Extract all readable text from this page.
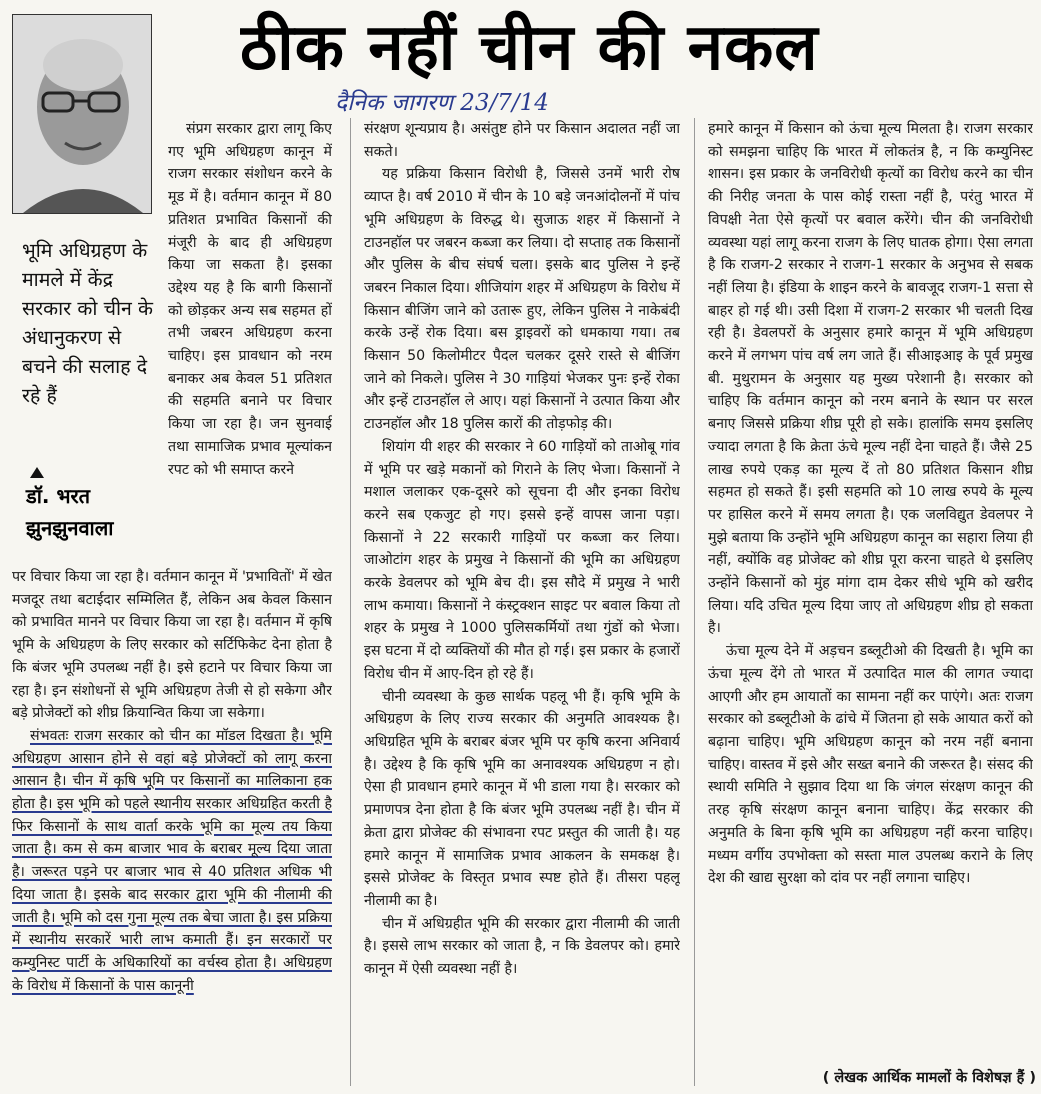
ठीक नहीं चीन की नकल
दैनिक जागरण 23/7/14
भूमि अधिग्रहण के मामले में केंद्र सरकार को चीन के अंधानुकरण से बचने की सलाह दे रहे हैं
डॉ. भरत झुनझुनवाला

संप्रग सरकार द्वारा लागू किए गए भूमि अधिग्रहण कानून में राजग सरकार संशोधन करने के मूड में है। वर्तमान कानून में 80 प्रतिशत प्रभावित किसानों की मंजूरी के बाद ही अधिग्रहण किया जा सकता है। इसका उद्देश्य यह है कि बागी किसानों को छोड़कर अन्य सब सहमत हों तभी जबरन अधिग्रहण करना चाहिए। इस प्रावधान को नरम बनाकर अब केवल 51 प्रतिशत की सहमति बनाने पर विचार किया जा रहा है। जन सुनवाई तथा सामाजिक प्रभाव मूल्यांकन रपट को भी समाप्त करने

पर विचार किया जा रहा है। वर्तमान कानून में 'प्रभावितों' में खेत मजदूर तथा बटाईदार सम्मिलित हैं, लेकिन अब केवल किसान को प्रभावित मानने पर विचार किया जा रहा है। वर्तमान में कृषि भूमि के अधिग्रहण के लिए सरकार को सर्टिफिकेट देना होता है कि बंजर भूमि उपलब्ध नहीं है। इसे हटाने पर विचार किया जा रहा है। इन संशोधनों से भूमि अधिग्रहण तेजी से हो सकेगा और बड़े प्रोजेक्टों को शीघ्र क्रियान्वित किया जा सकेगा।

संभवतः राजग सरकार को चीन का मॉडल दिखता है। भूमि अधिग्रहण आसान होने से वहां बड़े प्रोजेक्टों को लागू करना आसान है। चीन में कृषि भूमि पर किसानों का मालिकाना हक होता है। इस भूमि को पहले स्थानीय सरकार अधिग्रहित करती है फिर किसानों के साथ वार्ता करके भूमि का मूल्य तय किया जाता है। कम से कम बाजार भाव के बराबर मूल्य दिया जाता है। जरूरत पड़ने पर बाजार भाव से 40 प्रतिशत अधिक भी दिया जाता है। इसके बाद सरकार द्वारा भूमि की नीलामी की जाती है। भूमि को दस गुना मूल्य तक बेचा जाता है। इस प्रक्रिया में स्थानीय सरकारें भारी लाभ कमाती हैं। इन सरकारों पर कम्युनिस्ट पार्टी के अधिकारियों का वर्चस्व होता है। अधिग्रहण के विरोध में किसानों के पास कानूनी

संरक्षण शून्यप्राय है। असंतुष्ट होने पर किसान अदालत नहीं जा सकते।

यह प्रक्रिया किसान विरोधी है, जिससे उनमें भारी रोष व्याप्त है। वर्ष 2010 में चीन के 10 बड़े जनआंदोलनों में पांच भूमि अधिग्रहण के विरुद्ध थे। सुजाऊ शहर में किसानों ने टाउनहॉल पर जबरन कब्जा कर लिया। दो सप्ताह तक किसानों और पुलिस के बीच संघर्ष चला। इसके बाद पुलिस ने इन्हें जबरन निकाल दिया। शीजियांग शहर में अधिग्रहण के विरोध में किसान बीजिंग जाने को उतारू हुए, लेकिन पुलिस ने नाकेबंदी करके उन्हें रोक दिया। बस ड्राइवरों को धमकाया गया। तब किसान 50 किलोमीटर पैदल चलकर दूसरे रास्ते से बीजिंग जाने को निकले। पुलिस ने 30 गाड़ियां भेजकर पुनः इन्हें रोका और इन्हें टाउनहॉल ले आए। यहां किसानों ने उत्पात किया और टाउनहॉल और 18 पुलिस कारों की तोड़फोड़ की।

शियांग यी शहर की सरकार ने 60 गाड़ियों को ताओबू गांव में भूमि पर खड़े मकानों को गिराने के लिए भेजा। किसानों ने मशाल जलाकर एक-दूसरे को सूचना दी और इनका विरोध करने सब एकजुट हो गए। इससे इन्हें वापस जाना पड़ा। किसानों ने 22 सरकारी गाड़ियों पर कब्जा कर लिया। जाओटांग शहर के प्रमुख ने किसानों की भूमि का अधिग्रहण करके डेवलपर को भूमि बेच दी। इस सौदे में प्रमुख ने भारी लाभ कमाया। किसानों ने कंस्ट्रक्शन साइट पर बवाल किया तो शहर के प्रमुख ने 1000 पुलिसकर्मियों तथा गुंडों को भेजा। इस घटना में दो व्यक्तियों की मौत हो गई। इस प्रकार के हजारों विरोध चीन में आए-दिन हो रहे हैं।

चीनी व्यवस्था के कुछ सार्थक पहलू भी हैं। कृषि भूमि के अधिग्रहण के लिए राज्य सरकार की अनुमति आवश्यक है। अधिग्रहित भूमि के बराबर बंजर भूमि पर कृषि करना अनिवार्य है। उद्देश्य है कि कृषि भूमि का अनावश्यक अधिग्रहण न हो। ऐसा ही प्रावधान हमारे कानून में भी डाला गया है। सरकार को प्रमाणपत्र देना होता है कि बंजर भूमि उपलब्ध नहीं है। चीन में क्रेता द्वारा प्रोजेक्ट की संभावना रपट प्रस्तुत की जाती है। यह हमारे कानून में सामाजिक प्रभाव आकलन के समकक्ष है। इससे प्रोजेक्ट के विस्तृत प्रभाव स्पष्ट होते हैं। तीसरा पहलू नीलामी का है।

चीन में अधिग्रहीत भूमि की सरकार द्वारा नीलामी की जाती है। इससे लाभ सरकार को जाता है, न कि डेवलपर को। हमारे कानून में ऐसी व्यवस्था नहीं है।

हमारे कानून में किसान को ऊंचा मूल्य मिलता है। राजग सरकार को समझना चाहिए कि भारत में लोकतंत्र है, न कि कम्युनिस्ट शासन। इस प्रकार के जनविरोधी कृत्यों का विरोध करने का चीन की निरीह जनता के पास कोई रास्ता नहीं है, परंतु भारत में विपक्षी नेता ऐसे कृत्यों पर बवाल करेंगे। चीन की जनविरोधी व्यवस्था यहां लागू करना राजग के लिए घातक होगा। ऐसा लगता है कि राजग-2 सरकार ने राजग-1 सरकार के अनुभव से सबक नहीं लिया है। इंडिया के शाइन करने के बावजूद राजग-1 सत्ता से बाहर हो गई थी। उसी दिशा में राजग-2 सरकार भी चलती दिख रही है। डेवलपरों के अनुसार हमारे कानून में भूमि अधिग्रहण करने में लगभग पांच वर्ष लग जाते हैं। सीआइआइ के पूर्व प्रमुख बी. मुथुरामन के अनुसार यह मुख्य परेशानी है। सरकार को चाहिए कि वर्तमान कानून को नरम बनाने के स्थान पर सरल बनाए जिससे प्रक्रिया शीघ्र पूरी हो सके। हालांकि समय इसलिए ज्यादा लगता है कि क्रेता ऊंचे मूल्य नहीं देना चाहते हैं। जैसे 25 लाख रुपये एकड़ का मूल्य दें तो 80 प्रतिशत किसान शीघ्र सहमत हो सकते हैं। इसी सहमति को 10 लाख रुपये के मूल्य पर हासिल करने में समय लगता है। एक जलविद्युत डेवलपर ने मुझे बताया कि उन्होंने भूमि अधिग्रहण कानून का सहारा लिया ही नहीं, क्योंकि वह प्रोजेक्ट को शीघ्र पूरा करना चाहते थे इसलिए उन्होंने किसानों को मुंह मांगा दाम देकर सीधे भूमि को खरीद लिया। यदि उचित मूल्य दिया जाए तो अधिग्रहण शीघ्र हो सकता है।

ऊंचा मूल्य देने में अड़चन डब्लूटीओ की दिखती है। भूमि का ऊंचा मूल्य देंगे तो भारत में उत्पादित माल की लागत ज्यादा आएगी और हम आयातों का सामना नहीं कर पाएंगे। अतः राजग सरकार को डब्लूटीओ के ढांचे में जितना हो सके आयात करों को बढ़ाना चाहिए। भूमि अधिग्रहण कानून को नरम नहीं बनाना चाहिए। वास्तव में इसे और सख्त बनाने की जरूरत है। संसद की स्थायी समिति ने सुझाव दिया था कि जंगल संरक्षण कानून की तरह कृषि संरक्षण कानून बनाना चाहिए। केंद्र सरकार की अनुमति के बिना कृषि भूमि का अधिग्रहण नहीं करना चाहिए। मध्यम वर्गीय उपभोक्ता को सस्ता माल उपलब्ध कराने के लिए देश की खाद्य सुरक्षा को दांव पर नहीं लगाना चाहिए।

( लेखक आर्थिक मामलों के विशेषज्ञ हैं )
